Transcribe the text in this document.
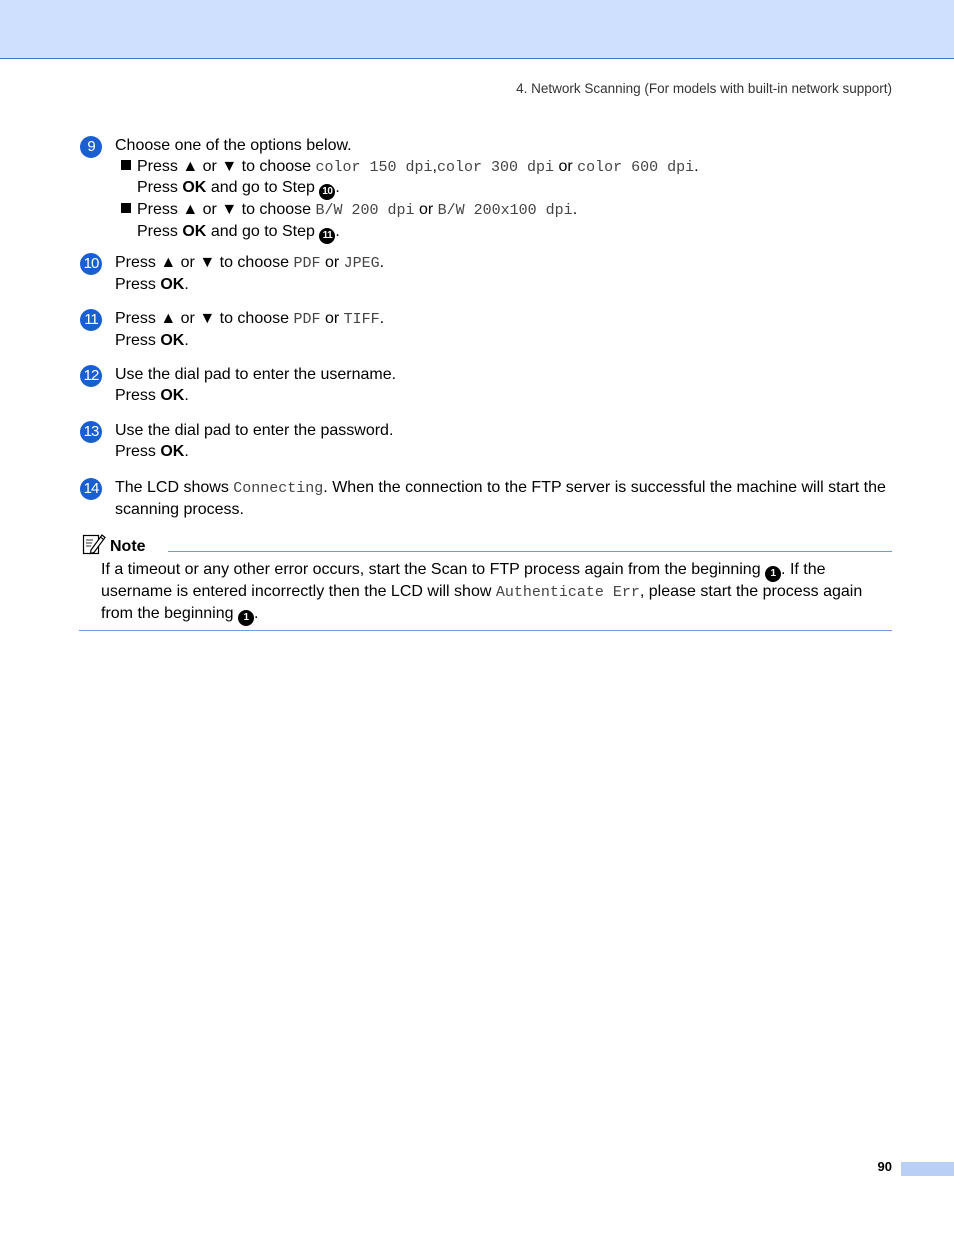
4. Network Scanning (For models with built-in network support)
9	Choose one of the options below.
Press ▲ or ▼ to choose color 150 dpi,color 300 dpi or color 600 dpi.
Press OK and go to Step 10 .
Press ▲ or ▼ to choose B/W 200 dpi or B/W 200x100 dpi.
Press OK and go to Step 11 .
10 Press ▲ or ▼ to choose PDF or JPEG.
Press OK.
11 Press ▲ or ▼ to choose PDF or TIFF.
Press OK.
12 Use the dial pad to enter the username.
Press OK.
13 Use the dial pad to enter the password.
Press OK.
14 The LCD shows Connecting. When the connection to the FTP server is successful the machine will start the scanning process.
Note
If a timeout or any other error occurs, start the Scan to FTP process again from the beginning 1 . If the username is entered incorrectly then the LCD will show Authenticate Err, please start the process again from the beginning 1 .
90
